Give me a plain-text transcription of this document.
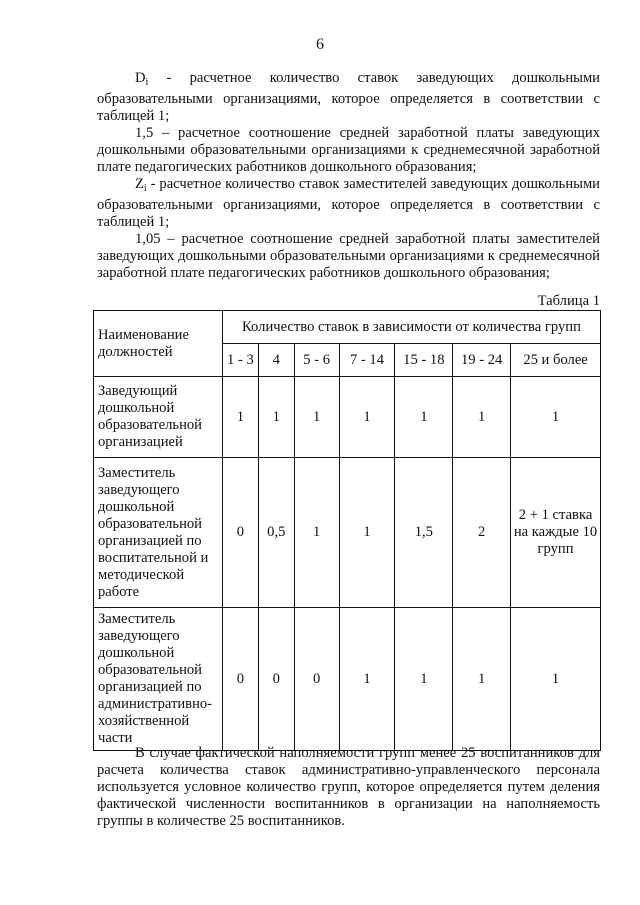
6

$D_i$ - расчетное количество ставок заведующих дошкольными образовательными организациями, которое определяется в соответствии с таблицей 1;

1,5 – расчетное соотношение средней заработной платы заведующих дошкольными образовательными организациями к среднемесячной заработной плате педагогических работников дошкольного образования;

$Z_i$ - расчетное количество ставок заместителей заведующих дошкольными образовательными организациями, которое определяется в соответствии с таблицей 1;

1,05 – расчетное соотношение средней заработной платы заместителей заведующих дошкольными образовательными организациями к среднемесячной заработной плате педагогических работников дошкольного образования;

Таблица 1
Наименование должностей	Количество ставок в зависимости от количества групп						
	1 - 3	4	5 - 6	7 - 14	15 - 18	19 - 24	25 и более
Заведующий дошкольной образовательной организацией	1	1	1	1	1	1	1
Заместитель заведующего дошкольной образовательной организацией по воспитательной и методической работе	0	0,5	1	1	1,5	2	2 + 1 ставка на каждые 10 групп
Заместитель заведующего дошкольной образовательной организацией по административно-хозяйственной части	0	0	0	1	1	1	1

В случае фактической наполняемости групп менее 25 воспитанников для расчета количества ставок административно-управленческого персонала используется условное количество групп, которое определяется путем деления фактической численности воспитанников в организации на наполняемость группы в количестве 25 воспитанников.
